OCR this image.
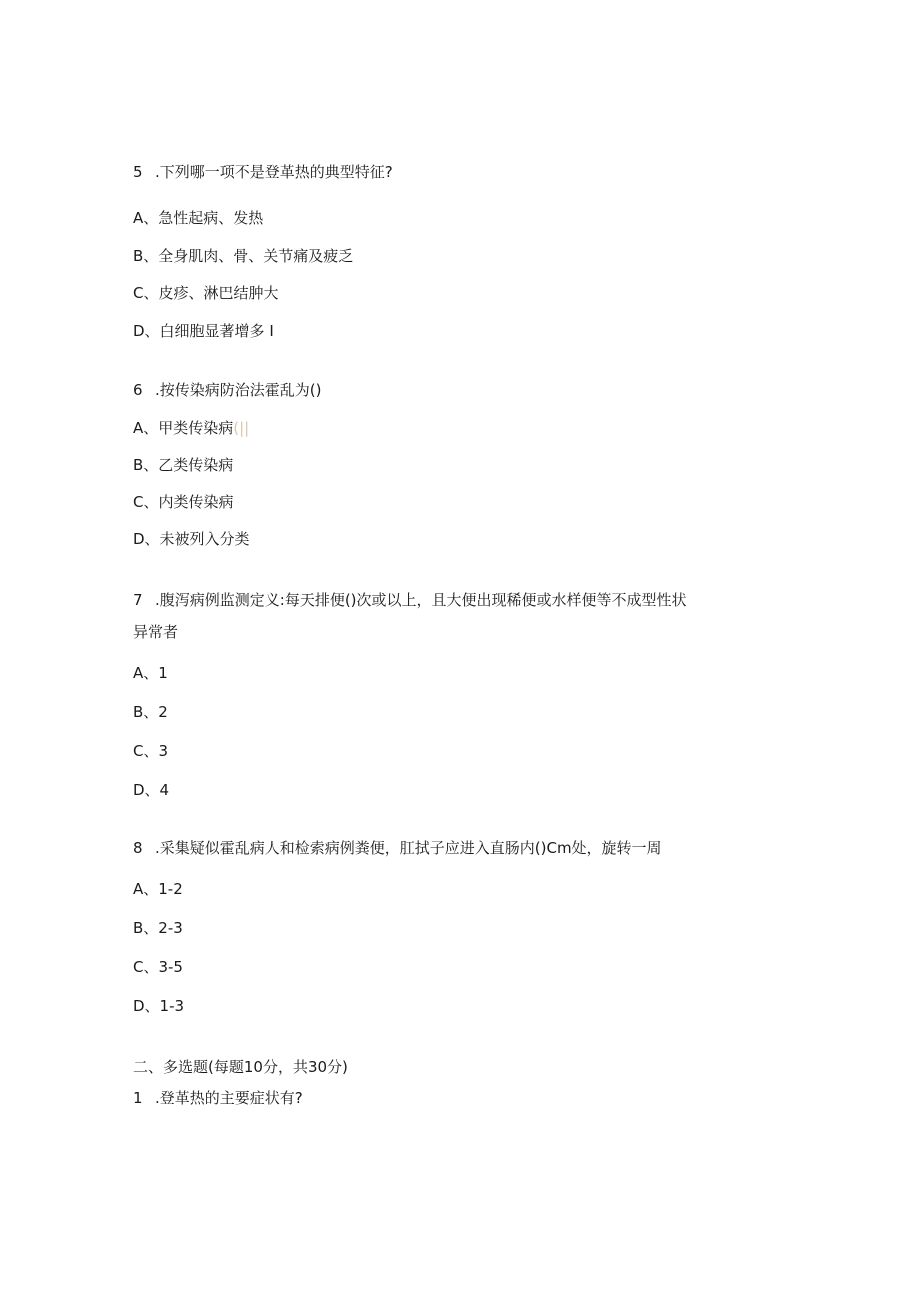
5 .下列哪一项不是登革热的典型特征?
A、急性起病、发热
B、全身肌肉、骨、关节痛及疲乏
C、皮疹、淋巴结肿大
D、白细胞显著增多 I
6 .按传染病防治法霍乱为()
A、甲类传染病(||
B、乙类传染病
C、内类传染病
D、未被列入分类
7 .腹泻病例监测定义:每天排便()次或以上，且大便出现稀便或水样便等不成型性状
异常者
A、1
B、2
C、3
D、4
8 .采集疑似霍乱病人和检索病例粪便，肛拭子应进入直肠内()Cm处，旋转一周
A、1-2
B、2-3
C、3-5
D、1-3
二、多选题(每题10分，共30分)
1 .登革热的主要症状有?
